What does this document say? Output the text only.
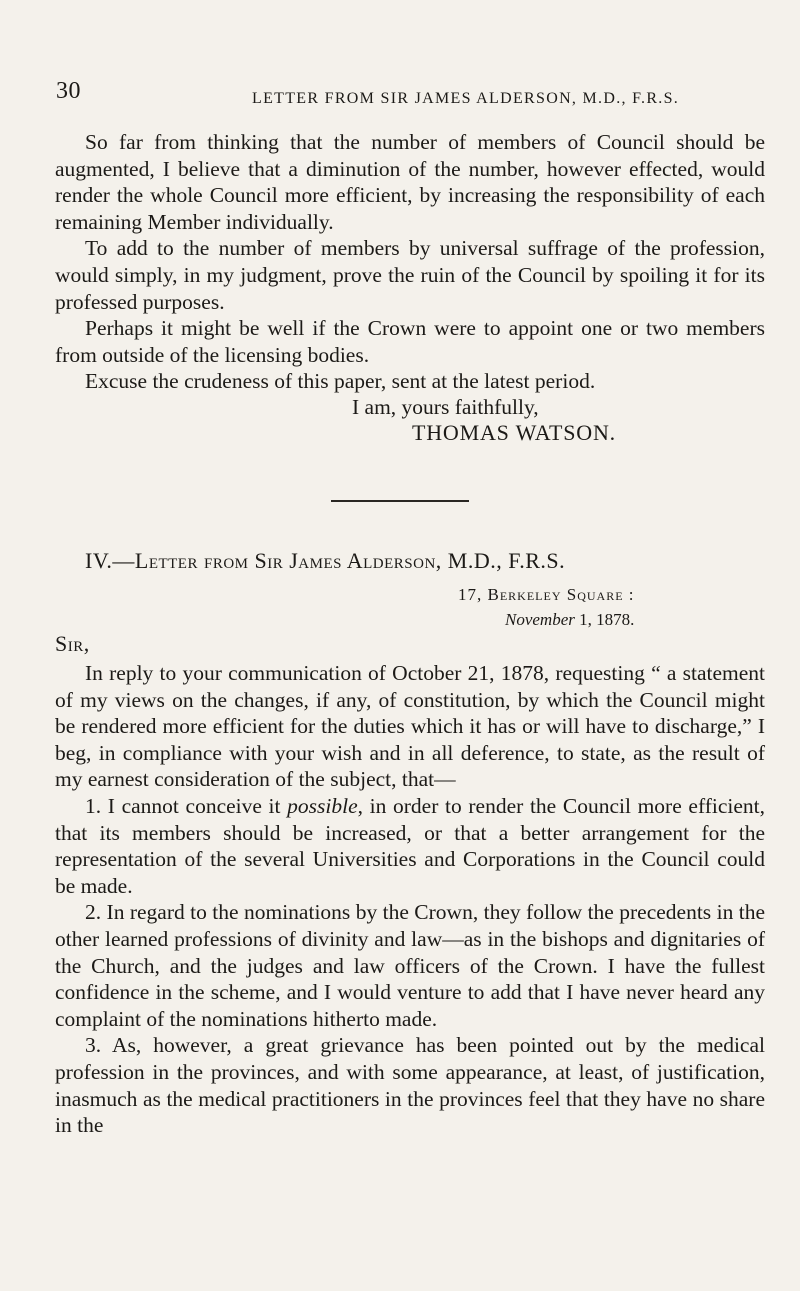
30	LETTER FROM SIR JAMES ALDERSON, M.D., F.R.S.

So far from thinking that the number of members of Council should be augmented, I believe that a diminution of the number, however effected, would render the whole Council more efficient, by increasing the responsibility of each remaining Member individually.

To add to the number of members by universal suffrage of the profession, would simply, in my judgment, prove the ruin of the Council by spoiling it for its professed purposes.

Perhaps it might be well if the Crown were to appoint one or two members from outside of the licensing bodies.

Excuse the crudeness of this paper, sent at the latest period.

I am, yours faithfully,
THOMAS WATSON.
IV.—Letter from Sir James Alderson, M.D., F.R.S.
17, Berkeley Square :
November 1, 1878.
Sir,

In reply to your communication of October 21, 1878, requesting “ a statement of my views on the changes, if any, of constitution, by which the Council might be rendered more efficient for the duties which it has or will have to discharge,” I beg, in compliance with your wish and in all deference, to state, as the result of my earnest consideration of the subject, that—

1. I cannot conceive it possible, in order to render the Council more efficient, that its members should be increased, or that a better arrangement for the representation of the several Universities and Corporations in the Council could be made.

2. In regard to the nominations by the Crown, they follow the precedents in the other learned professions of divinity and law—as in the bishops and dignitaries of the Church, and the judges and law officers of the Crown. I have the fullest confidence in the scheme, and I would venture to add that I have never heard any complaint of the nominations hitherto made.

3. As, however, a great grievance has been pointed out by the medical profession in the provinces, and with some appearance, at least, of justification, inasmuch as the medical practitioners in the provinces feel that they have no share in the
